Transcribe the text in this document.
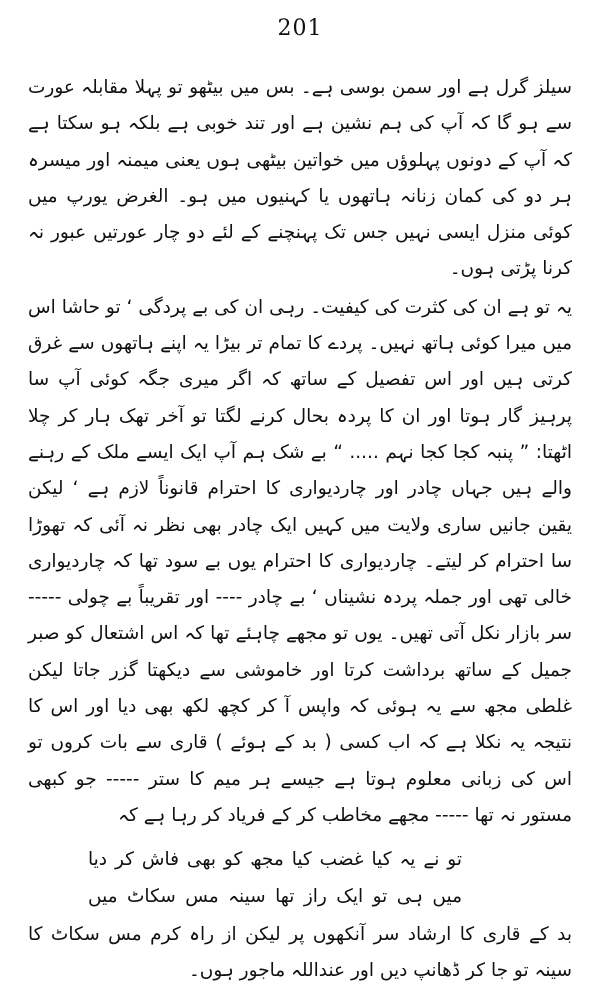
201

سیلز گرل ہے اور سمن بوسی ہے۔ بس میں بیٹھو تو پہلا مقابلہ عورت سے ہو گا کہ آپ کی ہم نشین ہے اور تند خوبی ہے بلکہ ہو سکتا ہے کہ آپ کے دونوں پہلوؤں میں خواتین بیٹھی ہوں یعنی میمنہ اور میسرہ ہر دو کی کمان زنانہ ہاتھوں یا کہنیوں میں ہو۔ الغرض یورپ میں کوئی منزل ایسی نہیں جس تک پہنچنے کے لئے دو چار عورتیں عبور نہ کرنا پڑتی ہوں۔

یہ تو ہے ان کی کثرت کی کیفیت۔ رہی ان کی بے پردگی ‘ تو حاشا اس میں میرا کوئی ہاتھ نہیں۔ پردے کا تمام تر بیڑا یہ اپنے ہاتھوں سے غرق کرتی ہیں اور اس تفصیل کے ساتھ کہ اگر میری جگہ کوئی آپ سا پرہیز گار ہوتا اور ان کا پردہ بحال کرنے لگتا تو آخر تھک ہار کر چلا اٹھتا: ” پنبہ کجا کجا نہم ..... “ بے شک ہم آپ ایک ایسے ملک کے رہنے والے ہیں جہاں چادر اور چاردیواری کا احترام قانوناً لازم ہے ‘ لیکن یقین جانیں ساری ولایت میں کہیں ایک چادر بھی نظر نہ آئی کہ تھوڑا سا احترام کر لیتے۔ چاردیواری کا احترام یوں بے سود تھا کہ چاردیواری خالی تھی اور جملہ پردہ نشیناں ‘ بے چادر ---- اور تقریباً بے چولی ----- سر بازار نکل آتی تھیں۔ یوں تو مجھے چاہئے تھا کہ اس اشتعال کو صبر جمیل کے ساتھ برداشت کرتا اور خاموشی سے دیکھتا گزر جاتا لیکن غلطی مجھ سے یہ ہوئی کہ واپس آ کر کچھ لکھ بھی دیا اور اس کا نتیجہ یہ نکلا ہے کہ اب کسی ( بد کے ہوئے ) قاری سے بات کروں تو اس کی زبانی معلوم ہوتا ہے جیسے ہر میم کا ستر ----- جو کبھی مستور نہ تھا ----- مجھے مخاطب کر کے فریاد کر رہا ہے کہ

تو نے یہ کیا غضب کیا مجھ کو بھی فاش کر دیا
میں ہی تو ایک راز تھا سینہ مس سکاٹ میں

بد کے قاری کا ارشاد سر آنکھوں پر لیکن از راہ کرم مس سکاٹ کا سینہ تو جا کر ڈھانپ دیں اور عنداللہ ماجور ہوں۔
